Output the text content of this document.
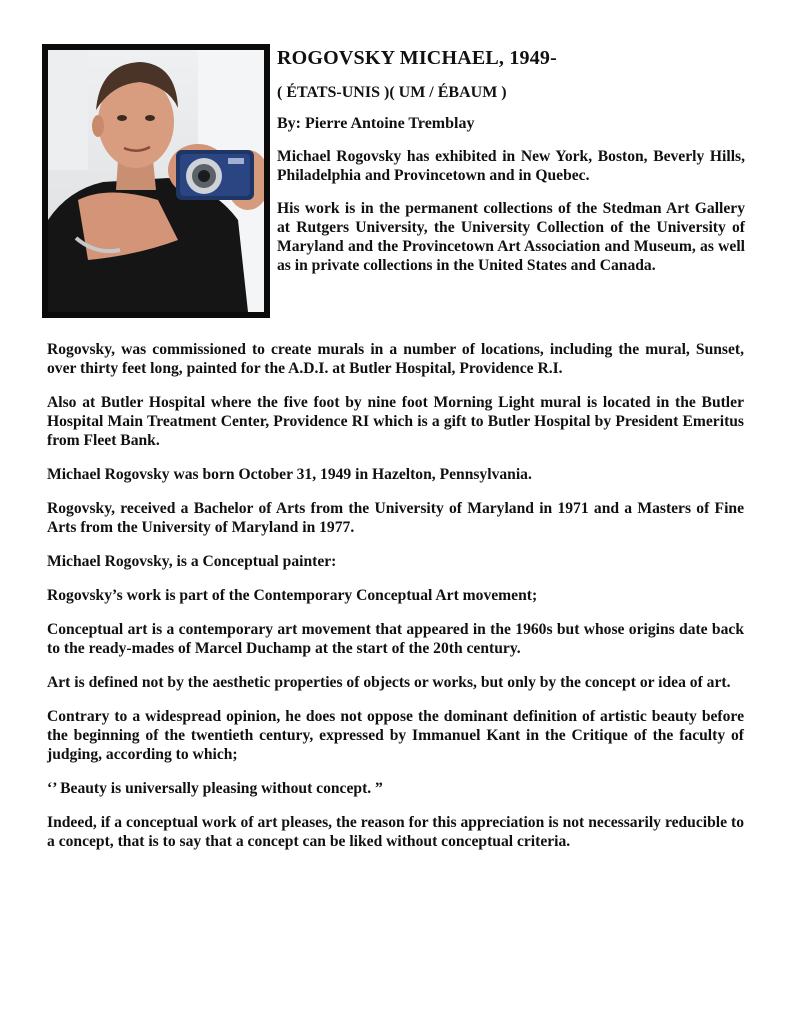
ROGOVSKY MICHAEL, 1949-
( ÉTATS-UNIS )( UM / ÉBAUM )
By: Pierre Antoine Tremblay

Michael Rogovsky has exhibited in New York, Boston, Beverly Hills, Philadelphia and Provincetown and in Quebec.

His work is in the permanent collections of the Stedman Art Gallery at Rutgers University, the University Collection of the University of Maryland and the Provincetown Art Association and Museum, as well as in private collections in the United States and Canada.

Rogovsky, was commissioned to create murals in a number of locations, including the mural, Sunset, over thirty feet long, painted for the A.D.I. at Butler Hospital, Providence R.I.

Also at Butler Hospital where the five foot by nine foot Morning Light mural is located in the Butler Hospital Main Treatment Center, Providence RI which is a gift to Butler Hospital by President Emeritus from Fleet Bank.

Michael Rogovsky was born October 31, 1949 in Hazelton, Pennsylvania.

Rogovsky, received a Bachelor of Arts from the University of Maryland in 1971 and a Masters of Fine Arts from the University of Maryland in 1977.

Michael Rogovsky, is a Conceptual painter:

Rogovsky’s work is part of the Contemporary Conceptual Art movement;

Conceptual art is a contemporary art movement that appeared in the 1960s but whose origins date back to the ready-mades of Marcel Duchamp at the start of the 20th century.

Art is defined not by the aesthetic properties of objects or works, but only by the concept or idea of art.

Contrary to a widespread opinion, he does not oppose the dominant definition of artistic beauty before the beginning of the twentieth century, expressed by Immanuel Kant in the Critique of the faculty of judging, according to which;

‘’ Beauty is universally pleasing without concept. ”

Indeed, if a conceptual work of art pleases, the reason for this appreciation is not necessarily reducible to a concept, that is to say that a concept can be liked without conceptual criteria.
